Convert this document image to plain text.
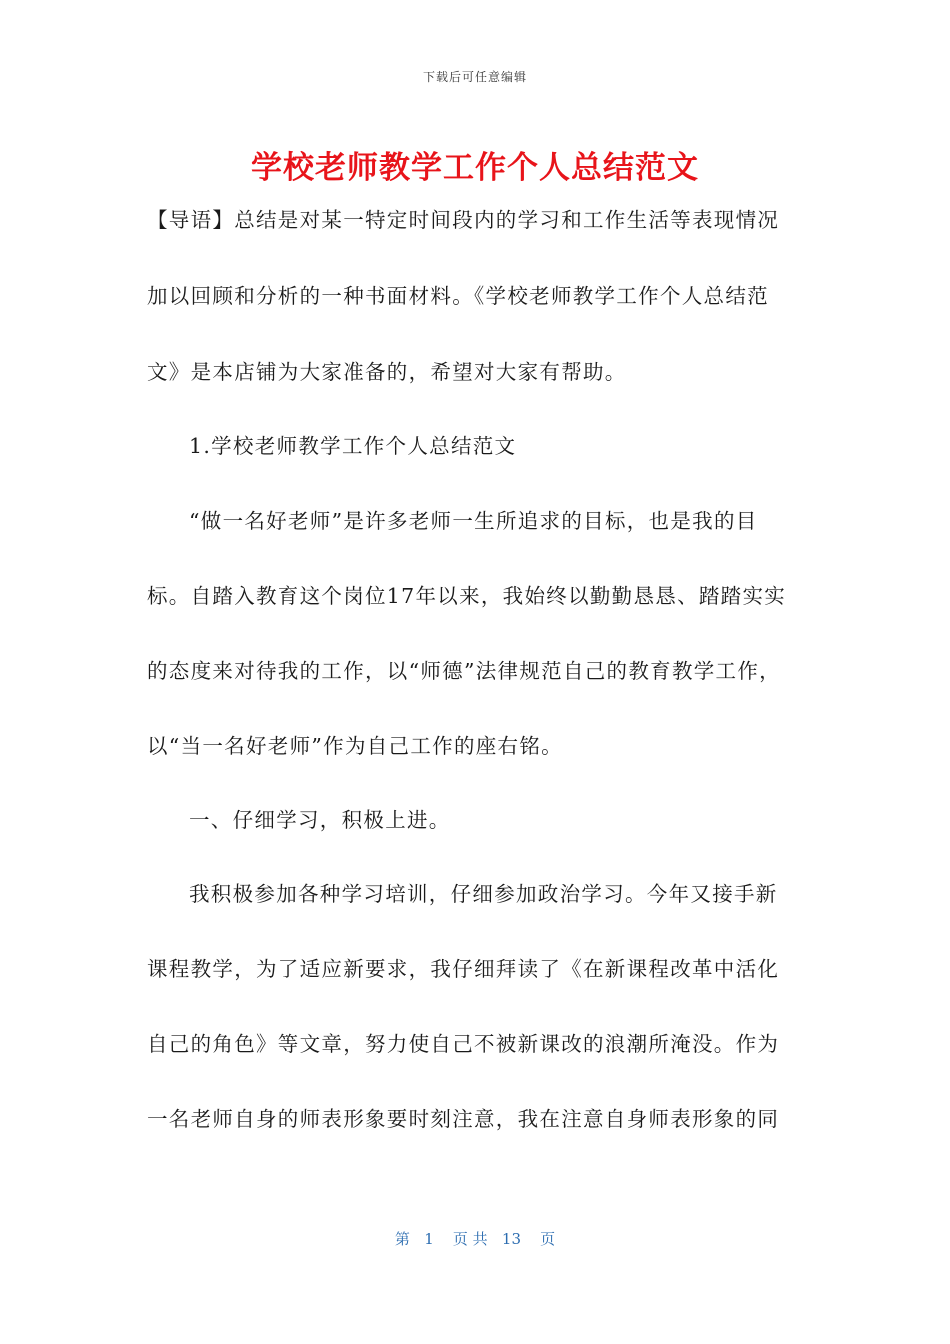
下载后可任意编辑
学校老师教学工作个人总结范文
【导语】总结是对某一特定时间段内的学习和工作生活等表现情况
加以回顾和分析的一种书面材料。《学校老师教学工作个人总结范
文》是本店铺为大家准备的，希望对大家有帮助。
1.学校老师教学工作个人总结范文
“做一名好老师”是许多老师一生所追求的目标，也是我的目
标。自踏入教育这个岗位17年以来，我始终以勤勤恳恳、踏踏实实
的态度来对待我的工作，以“师德”法律规范自己的教育教学工作，
以“当一名好老师”作为自己工作的座右铭。
一、仔细学习，积极上进。
我积极参加各种学习培训，仔细参加政治学习。今年又接手新
课程教学，为了适应新要求，我仔细拜读了《在新课程改革中活化
自己的角色》等文章，努力使自己不被新课改的浪潮所淹没。作为
一名老师自身的师表形象要时刻注意，我在注意自身师表形象的同
第   1    页 共   13    页
